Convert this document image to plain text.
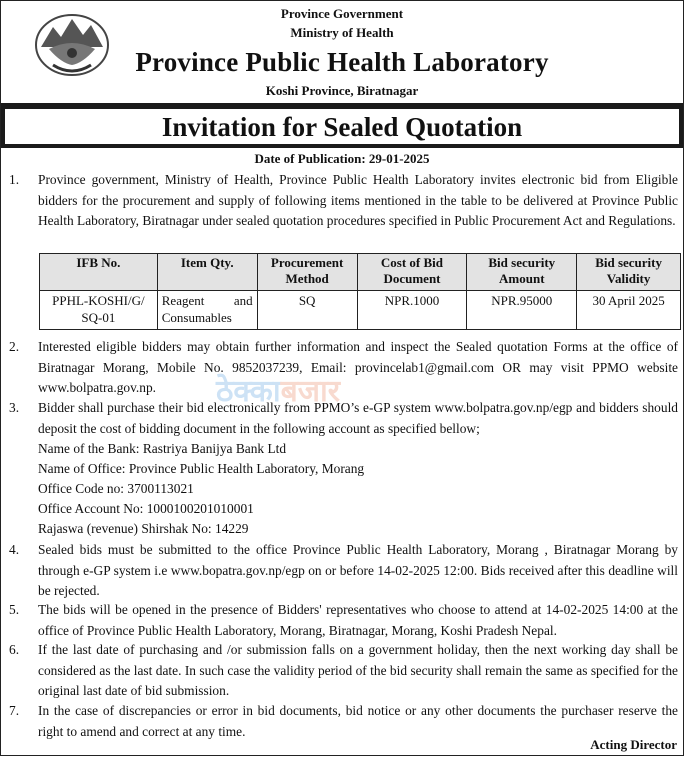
Province Government
Ministry of Health
Province Public Health Laboratory
Koshi Province, Biratnagar
Invitation for Sealed Quotation
Date of Publication: 29-01-2025
1. Province government, Ministry of Health, Province Public Health Laboratory invites electronic bid from Eligible bidders for the procurement and supply of following items mentioned in the table to be delivered at Province Public Health Laboratory, Biratnagar under sealed quotation procedures specified in Public Procurement Act and Regulations.
IFB No.	Item Qty.	Procurement Method	Cost of Bid Document	Bid security Amount	Bid security Validity
PPHL-KOSHI/G/ SQ-01	Reagent and Consumables	SQ	NPR.1000	NPR.95000	30 April 2025
2. Interested eligible bidders may obtain further information and inspect the Sealed quotation Forms at the office of Biratnagar Morang, Mobile No. 9852037239, Email: provincelab1@gmail.com OR may visit PPMO website www.bolpatra.gov.np.	ठेक्काबजार
3. Bidder shall purchase their bid electronically from PPMO’s e-GP system www.bolpatra.gov.np/egp and bidders should deposit the cost of bidding document in the following account as specified bellow;
Name of the Bank: Rastriya Banijya Bank Ltd
Name of Office: Province Public Health Laboratory, Morang
Office Code no: 3700113021
Office Account No: 1000100201010001
Rajaswa (revenue) Shirshak No: 14229
4. Sealed bids must be submitted to the office Province Public Health Laboratory, Morang , Biratnagar Morang by through e-GP system i.e www.bopatra.gov.np/egp on or before 14-02-2025 12:00. Bids received after this deadline will be rejected.
5. The bids will be opened in the presence of Bidders' representatives who choose to attend at 14-02-2025 14:00 at the office of Province Public Health Laboratory, Morang, Biratnagar, Morang, Koshi Pradesh Nepal.
6. If the last date of purchasing and /or submission falls on a government holiday, then the next working day shall be considered as the last date. In such case the validity period of the bid security shall remain the same as specified for the original last date of bid submission.
7. In the case of discrepancies or error in bid documents, bid notice or any other documents the purchaser reserve the right to amend and correct at any time.
Acting Director
